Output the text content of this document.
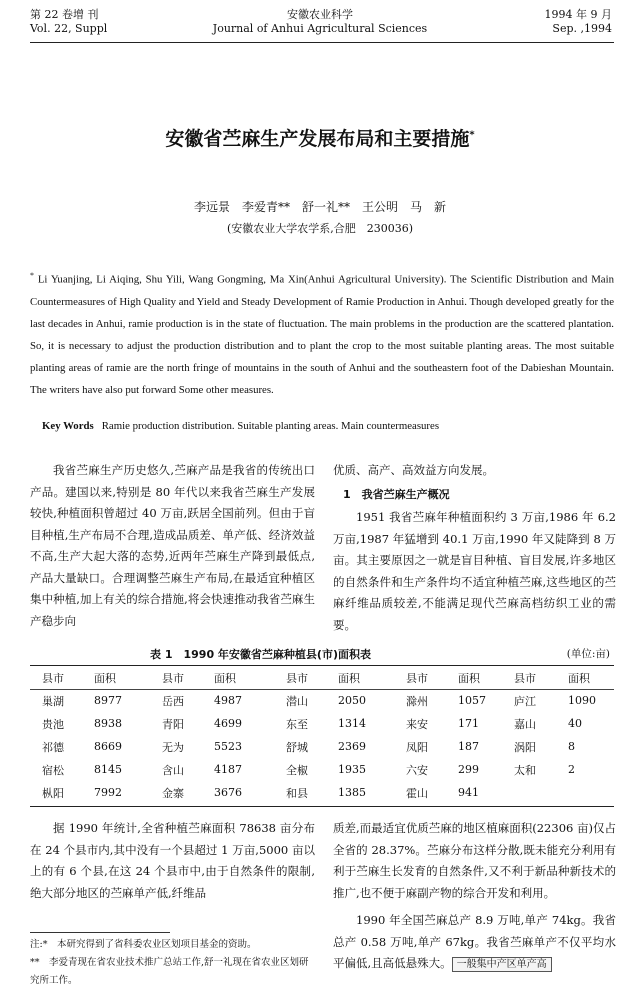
第 22 卷增 刊
Vol. 22, Suppl
安徽农业科学
Journal of Anhui Agricultural Sciences
1994 年 9 月
Sep. ,1994
安徽省苎麻生产发展布局和主要措施*
李远景　李爱青**　舒一礼**　王公明　马　新
(安徽农业大学农学系,合肥　230036)
* Li Yuanjing, Li Aiqing, Shu Yili, Wang Gongming, Ma Xin(Anhui Agricultural University). The Scientific Distribution and Main Countermeasures of High Quality and Yield and Steady Development of Ramie Production in Anhui. Though developed greatly for the last decades in Anhui, ramie production is in the state of fluctuation. The main problems in the production are the scattered plantation. So, it is necessary to adjust the production distribution and to plant the crop to the most suitable planting areas. The most suitable planting areas of ramie are the north fringe of mountains in the south of Anhui and the southeastern foot of the Dabieshan Mountain. The writers have also put forward Some other measures.
Key Words Ramie production distribution. Suitable planting areas. Main countermeasures

我省苎麻生产历史悠久,苎麻产品是我省的传统出口产品。建国以来,特别是 80 年代以来我省苎麻生产发展较快,种植面积曾超过 40 万亩,跃居全国前列。但由于盲目种植,生产布局不合理,造成品质差、单产低、经济效益不高,生产大起大落的态势,近两年苎麻生产降到最低点,产品大量缺口。合理调整苎麻生产布局,在最适宜种植区集中种植,加上有关的综合措施,将会快速推动我省苎麻生产稳步向

优质、高产、高效益方向发展。

1　我省苎麻生产概况

1951 我省苎麻年种植面积约 3 万亩,1986 年 6.2 万亩,1987 年猛增到 40.1 万亩,1990 年又陡降到 8 万亩。其主要原因之一就是盲目种植、盲目发展,许多地区的自然条件和生产条件均不适宜种植苎麻,这些地区的苎麻纤维品质较差,不能满足现代苎麻高档纺织工业的需要。

表 1　1990 年安徽省苎麻种植县(市)面积表	(单位:亩)
县市	面积	县市	面积	县市	面积	县市	面积	县市	面积
巢湖	8977	岳西	4987	潜山	2050	滁州	1057	庐江	1090
贵池	8938	青阳	4699	东至	1314	来安	171	嘉山	40
祁德	8669	无为	5523	舒城	2369	凤阳	187	涡阳	8
宿松	8145	含山	4187	全椒	1935	六安	299	太和	2
枞阳	7992	金寨	3676	和县	1385	霍山	941		

据 1990 年统计,全省种植苎麻面积 78638 亩分布在 24 个县市内,其中没有一个县超过 1 万亩,5000 亩以上的有 6 个县,在这 24 个县市中,由于自然条件的限制,绝大部分地区的苎麻单产低,纤维品

质差,而最适宜优质苎麻的地区植麻面积(22306 亩)仅占全省的 28.37%。苎麻分布这样分散,既未能充分利用有利于苎麻生长发育的自然条件,又不利于新品种新技术的推广,也不便于麻副产物的综合开发和利用。

1990 年全国苎麻总产 8.9 万吨,单产 74kg。我省总产 0.58 万吨,单产 67kg。我省苎麻单产不仅平均水平偏低,且高低悬殊大。 一般集中产区单产高

注:*　本研究得到了省科委农业区划项目基金的资助。
**　李爱青现在省农业技术推广总站工作,舒一礼现在省农业区划研究所工作。
